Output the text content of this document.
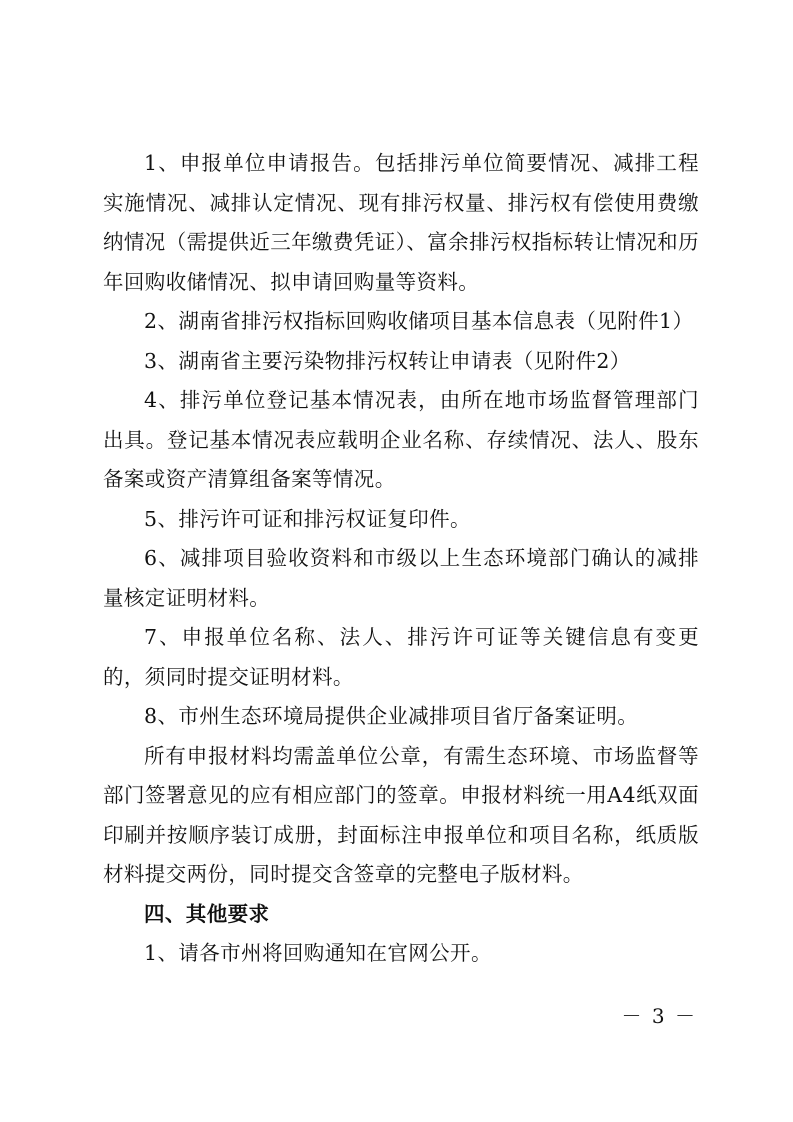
1、申报单位申请报告。包括排污单位简要情况、减排工程实施情况、减排认定情况、现有排污权量、排污权有偿使用费缴纳情况（需提供近三年缴费凭证）、富余排污权指标转让情况和历年回购收储情况、拟申请回购量等资料。

2、湖南省排污权指标回购收储项目基本信息表（见附件1）

3、湖南省主要污染物排污权转让申请表（见附件2）

4、排污单位登记基本情况表，由所在地市场监督管理部门出具。登记基本情况表应载明企业名称、存续情况、法人、股东备案或资产清算组备案等情况。

5、排污许可证和排污权证复印件。

6、减排项目验收资料和市级以上生态环境部门确认的减排量核定证明材料。

7、申报单位名称、法人、排污许可证等关键信息有变更的，须同时提交证明材料。

8、市州生态环境局提供企业减排项目省厅备案证明。

所有申报材料均需盖单位公章，有需生态环境、市场监督等部门签署意见的应有相应部门的签章。申报材料统一用A4纸双面印刷并按顺序装订成册，封面标注申报单位和项目名称，纸质版材料提交两份，同时提交含签章的完整电子版材料。

四、其他要求

1、请各市州将回购通知在官网公开。

－ 3 －
